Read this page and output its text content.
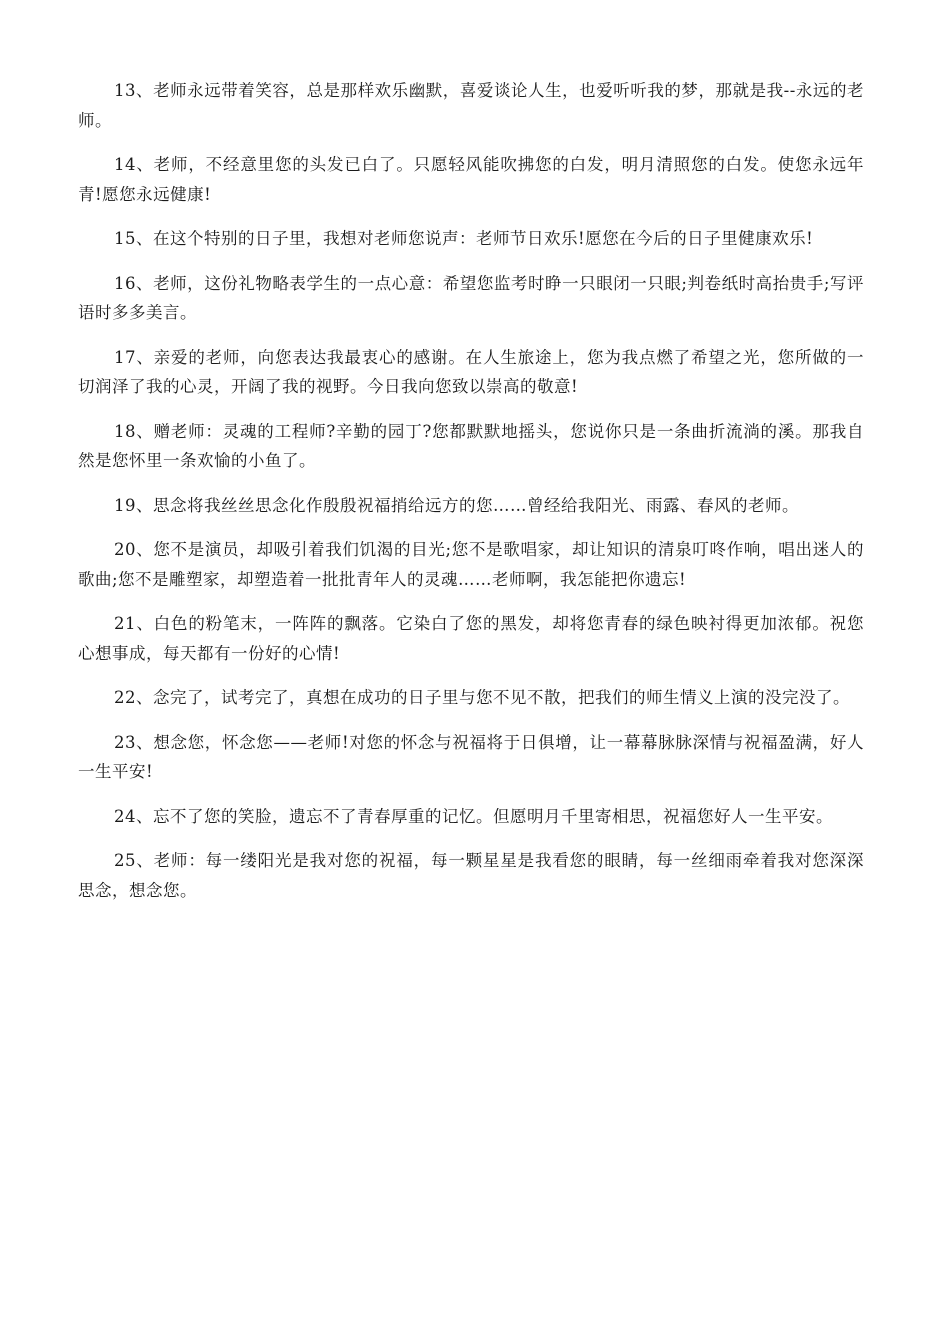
13、老师永远带着笑容，总是那样欢乐幽默，喜爱谈论人生，也爱听听我的梦，那就是我--永远的老师。

14、老师，不经意里您的头发已白了。只愿轻风能吹拂您的白发，明月清照您的白发。使您永远年青!愿您永远健康!

15、在这个特别的日子里，我想对老师您说声：老师节日欢乐!愿您在今后的日子里健康欢乐!

16、老师，这份礼物略表学生的一点心意：希望您监考时睁一只眼闭一只眼;判卷纸时高抬贵手;写评语时多多美言。

17、亲爱的老师，向您表达我最衷心的感谢。在人生旅途上，您为我点燃了希望之光，您所做的一切润泽了我的心灵，开阔了我的视野。今日我向您致以崇高的敬意!

18、赠老师：灵魂的工程师?辛勤的园丁?您都默默地摇头，您说你只是一条曲折流淌的溪。那我自然是您怀里一条欢愉的小鱼了。

19、思念将我丝丝思念化作殷殷祝福捎给远方的您……曾经给我阳光、雨露、春风的老师。

20、您不是演员，却吸引着我们饥渴的目光;您不是歌唱家，却让知识的清泉叮咚作响，唱出迷人的歌曲;您不是雕塑家，却塑造着一批批青年人的灵魂……老师啊，我怎能把你遗忘!

21、白色的粉笔末，一阵阵的飘落。它染白了您的黑发，却将您青春的绿色映衬得更加浓郁。祝您心想事成，每天都有一份好的心情!

22、念完了，试考完了，真想在成功的日子里与您不见不散，把我们的师生情义上演的没完没了。

23、想念您，怀念您——老师!对您的怀念与祝福将于日俱增，让一幕幕脉脉深情与祝福盈满，好人一生平安!

24、忘不了您的笑脸，遗忘不了青春厚重的记忆。但愿明月千里寄相思，祝福您好人一生平安。

25、老师：每一缕阳光是我对您的祝福，每一颗星星是我看您的眼睛，每一丝细雨牵着我对您深深思念，想念您。
